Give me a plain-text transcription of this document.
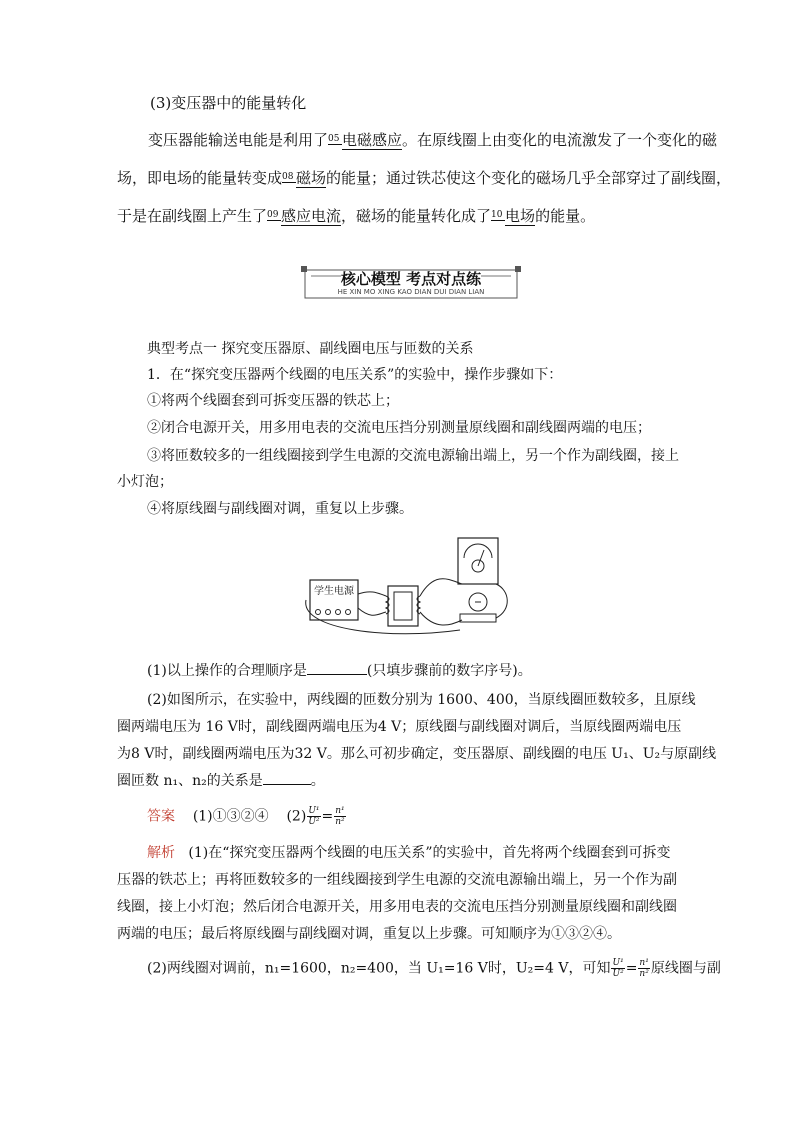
(3)变压器中的能量转化
变压器能输送电能是利用了 05 电磁感应。在原线圈上由变化的电流激发了一个变化的磁
场，即电场的能量转变成 08 磁场的能量；通过铁芯使这个变化的磁场几乎全部穿过了副线圈，
于是在副线圈上产生了 09 感应电流，磁场的能量转化成了 10 电场的能量。
核心模型 考点对点练
HE XIN MO XING KAO DIAN DUI DIAN LIAN
典型考点一 探究变压器原、副线圈电压与匝数的关系
1．在“探究变压器两个线圈的电压关系”的实验中，操作步骤如下：
①将两个线圈套到可拆变压器的铁芯上；
②闭合电源开关，用多用电表的交流电压挡分别测量原线圈和副线圈两端的电压；
③将匝数较多的一组线圈接到学生电源的交流电源输出端上，另一个作为副线圈，接上
小灯泡；
④将原线圈与副线圈对调，重复以上步骤。
学生电源
(1)以上操作的合理顺序是	(只填步骤前的数字序号)。
(2)如图所示，在实验中，两线圈的匝数分别为 1600、400，当原线圈匝数较多，且原线
圈两端电压为 16 V时，副线圈两端电压为4 V；原线圈与副线圈对调后，当原线圈两端电压
为8 V时，副线圈两端电压为32 V。那么可初步确定，变压器原、副线圈的电压 U₁、U₂与原副线
圈匝数 n₁、n₂的关系是	。
答案 (1)①③②④ $(2) \frac{\text{U¹}}{\text{U²}} = \frac{\text{n¹}}{\text{n²}}$
解析 (1)在“探究变压器两个线圈的电压关系”的实验中，首先将两个线圈套到可拆变
压器的铁芯上；再将匝数较多的一组线圈接到学生电源的交流电源输出端上，另一个作为副
线圈，接上小灯泡；然后闭合电源开关，用多用电表的交流电压挡分别测量原线圈和副线圈
两端的电压；最后将原线圈与副线圈对调，重复以上步骤。可知顺序为①③②④。
(2)两线圈对调前，n₁=1600，n₂=400，当 U₁=16 V时，U₂=4 V，可知 $\frac{\text{U¹}}{\text{U²}} = \frac{\text{n¹}}{\text{n²}}$ 原线圈与副
